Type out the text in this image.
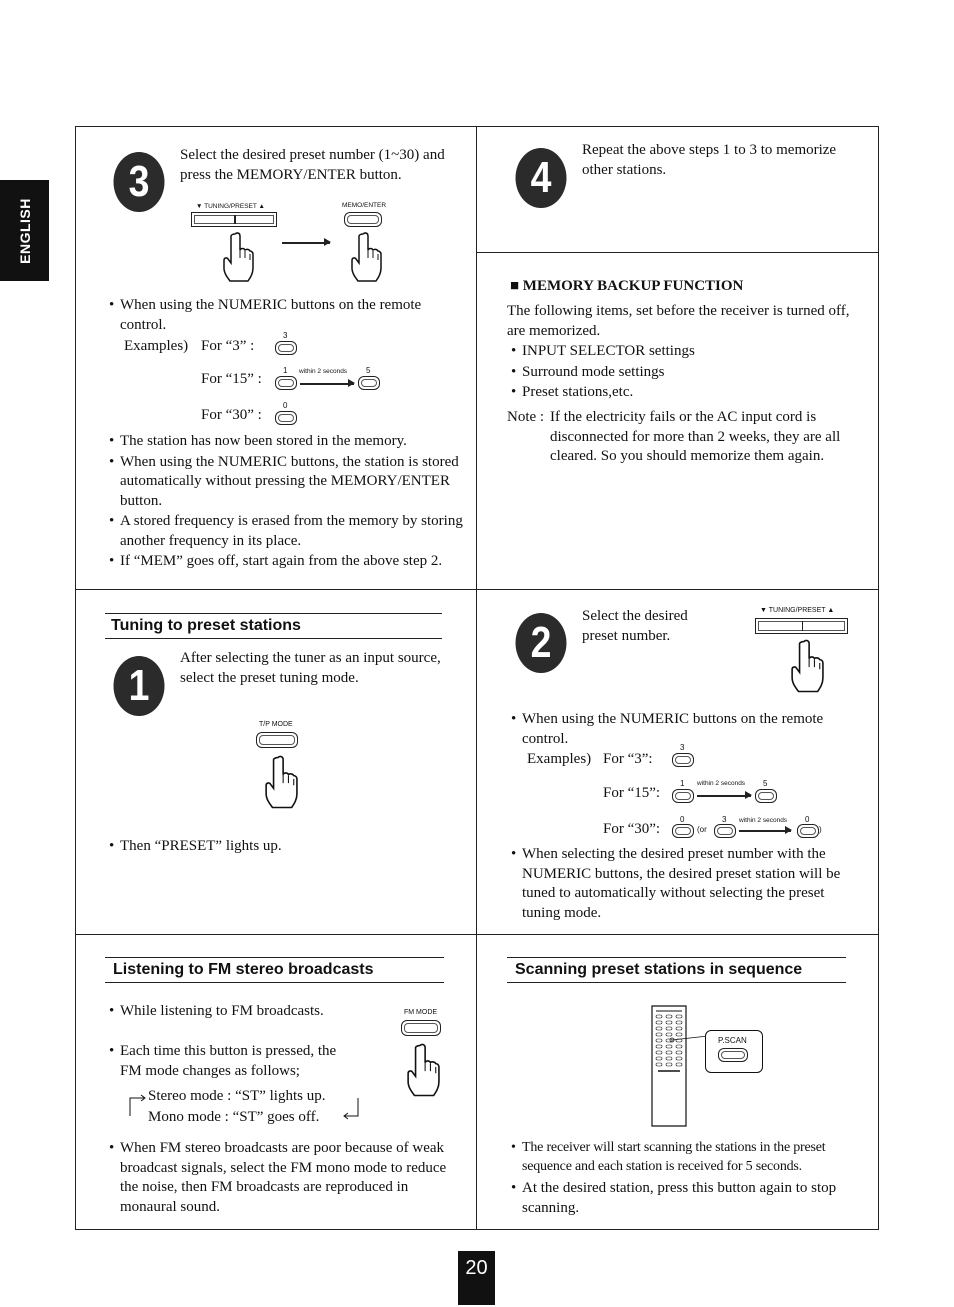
ENGLISH
3
Select the desired preset number (1~30) and press the MEMORY/ENTER button.
▼ TUNING/PRESET ▲	MEMO/ENTER
• When using the NUMERIC buttons on the remote control.
Examples) For “3” :
3
For “15” :
1 within 2 seconds 5
For “30” :
0
• The station has now been stored in the memory.
• When using the NUMERIC buttons, the station is stored automatically without pressing the MEMORY/ENTER button.
• A stored frequency is erased from the memory by storing another frequency in its place.
• If “MEM” goes off, start again from the above step 2.
4
Repeat the above steps 1 to 3 to memorize other stations.
■ MEMORY BACKUP FUNCTION
The following items, set before the receiver is turned off, are memorized.
• INPUT SELECTOR settings
• Surround mode settings
• Preset stations,etc.
Note : If the electricity fails or the AC input cord is disconnected for more than 2 weeks, they are all cleared. So you should memorize them again.
Tuning to preset stations
1
After selecting the tuner as an input source, select the preset tuning mode.
T/P MODE
• Then “PRESET” lights up.
2
Select the desired preset number.
▼ TUNING/PRESET ▲
• When using the NUMERIC buttons on the remote control.
Examples) For “3”:
3
For “15”:
1 within 2 seconds 5
For “30”:
0
(or
3 within 2 seconds 0
)
• When selecting the desired preset number with the NUMERIC buttons, the desired preset station will be tuned to automatically without selecting the preset tuning mode.
Listening to FM stereo broadcasts
• While listening to FM broadcasts.	FM MODE
• Each time this button is pressed, the FM mode changes as follows;
Stereo mode : “ST” lights up.
Mono mode : “ST” goes off.
• When FM stereo broadcasts are poor because of weak broadcast signals, select the FM mono mode to reduce the noise, then FM broadcasts are reproduced in monaural sound.
Scanning preset stations in sequence
P.SCAN
• The receiver will start scanning the stations in the preset sequence and each station is received for 5 seconds.
• At the desired station, press this button again to stop scanning.
20
